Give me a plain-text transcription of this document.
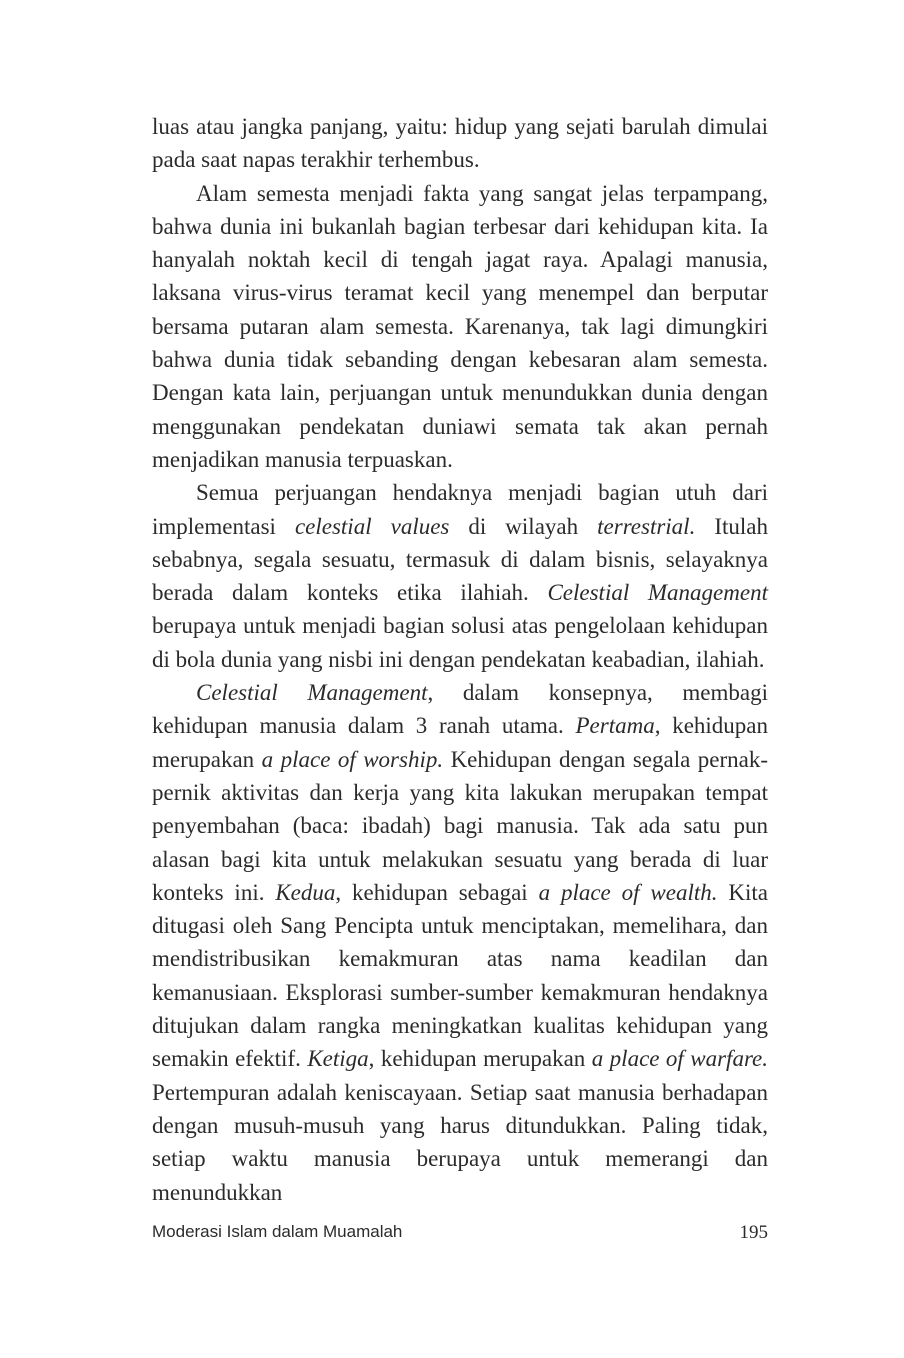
luas atau jangka panjang, yaitu: hidup yang sejati barulah dimulai pada saat napas terakhir terhembus.

Alam semesta menjadi fakta yang sangat jelas terpampang, bahwa dunia ini bukanlah bagian terbesar dari kehidupan kita. Ia hanyalah noktah kecil di tengah jagat raya. Apalagi manusia, laksana virus-virus teramat kecil yang menempel dan berputar bersama putaran alam semesta. Karenanya, tak lagi dimungkiri bahwa dunia tidak sebanding dengan kebesaran alam semesta. Dengan kata lain, perjuangan untuk menundukkan dunia dengan menggunakan pendekatan duniawi semata tak akan pernah menjadikan manusia terpuaskan.

Semua perjuangan hendaknya menjadi bagian utuh dari implementasi celestial values di wilayah terrestrial. Itulah sebabnya, segala sesuatu, termasuk di dalam bisnis, selayaknya berada dalam konteks etika ilahiah. Celestial Management berupaya untuk menjadi bagian solusi atas pengelolaan kehidupan di bola dunia yang nisbi ini dengan pendekatan keabadian, ilahiah.

Celestial Management, dalam konsepnya, membagi kehidupan manusia dalam 3 ranah utama. Pertama, kehidupan merupakan a place of worship. Kehidupan dengan segala pernak-pernik aktivitas dan kerja yang kita lakukan merupakan tempat penyembahan (baca: ibadah) bagi manusia. Tak ada satu pun alasan bagi kita untuk melakukan sesuatu yang berada di luar konteks ini. Kedua, kehidupan sebagai a place of wealth. Kita ditugasi oleh Sang Pencipta untuk menciptakan, memelihara, dan mendistribusikan kemakmuran atas nama keadilan dan kemanusiaan. Eksplorasi sumber-sumber kemakmuran hendaknya ditujukan dalam rangka meningkatkan kualitas kehidupan yang semakin efektif. Ketiga, kehidupan merupakan a place of warfare. Pertempuran adalah keniscayaan. Setiap saat manusia berhadapan dengan musuh-musuh yang harus ditundukkan. Paling tidak, setiap waktu manusia berupaya untuk memerangi dan menundukkan

Moderasi Islam dalam Muamalah	195
